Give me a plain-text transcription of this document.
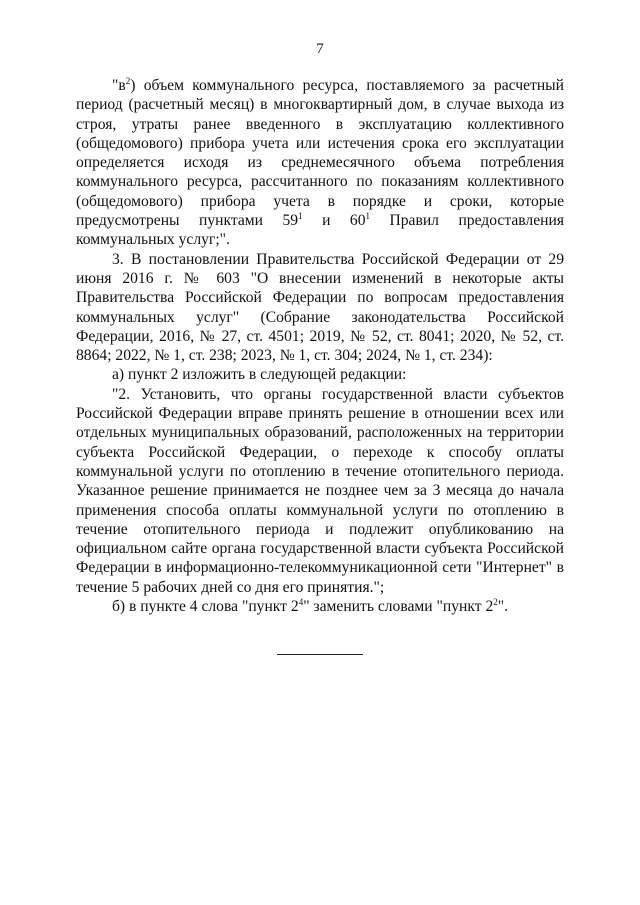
7

"$в^2$) объем коммунального ресурса, поставляемого за расчетный период (расчетный месяц) в многоквартирный дом, в случае выхода из строя, утраты ранее введенного в эксплуатацию коллективного (общедомового) прибора учета или истечения срока его эксплуатации определяется исходя из среднемесячного объема потребления коммунального ресурса, рассчитанного по показаниям коллективного (общедомового) прибора учета в порядке и сроки, которые предусмотрены пунктами $59^1$ и $60^1$ Правил предоставления коммунальных услуг;".

3. В постановлении Правительства Российской Федерации от 29 июня 2016 г. № 603 "О внесении изменений в некоторые акты Правительства Российской Федерации по вопросам предоставления коммунальных услуг" (Собрание законодательства Российской Федерации, 2016, № 27, ст. 4501; 2019, № 52, ст. 8041; 2020, № 52, ст. 8864; 2022, № 1, ст. 238; 2023, № 1, ст. 304; 2024, № 1, ст. 234):

а) пункт 2 изложить в следующей редакции:

"2. Установить, что органы государственной власти субъектов Российской Федерации вправе принять решение в отношении всех или отдельных муниципальных образований, расположенных на территории субъекта Российской Федерации, о переходе к способу оплаты коммунальной услуги по отоплению в течение отопительного периода. Указанное решение принимается не позднее чем за 3 месяца до начала применения способа оплаты коммунальной услуги по отоплению в течение отопительного периода и подлежит опубликованию на официальном сайте органа государственной власти субъекта Российской Федерации в информационно-телекоммуникационной сети "Интернет" в течение 5 рабочих дней со дня его принятия.";

б) в пункте 4 слова "пункт $2^4$" заменить словами "пункт $2^2$".
